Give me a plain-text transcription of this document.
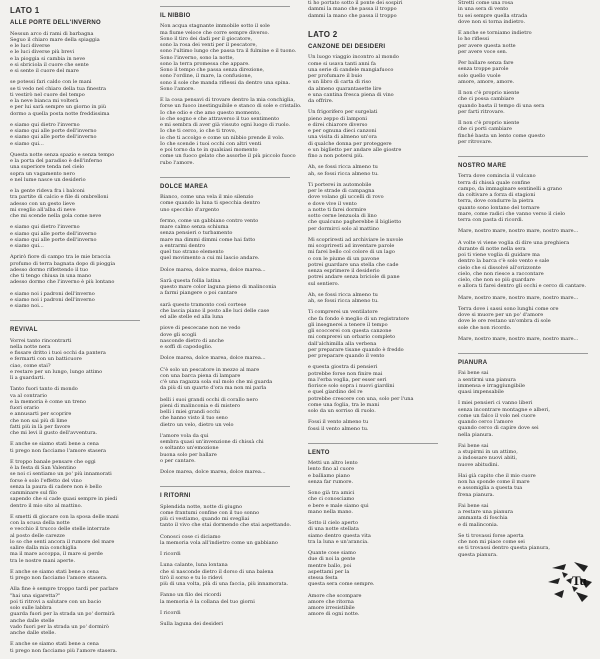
LATO 1
ALLE PORTE DELL'INVERNO

Nessun arco di rami di barbagna

Seguo il chiaro mare della spiaggia

e le luci diverse

e le luci diverse più brevi

e la pioggia si cambia in neve

e si sbriciola il cuore che sente

e si sente il cuore del mare

se potessi fari caldo con le mani

se ti vedo nel chiaro della tua finestra

ti vestirò nel cuore del tempo

e la neve bianca mi volterà

e per lui sarà sempre un giorno in più

dormo a quella posta notte freddissima

e siamo qui dietro l'inverno

e siamo qui alle porte dell'inverno

e siamo qui alle porte dell'inverno

e siamo qui...

Questa notte senza spazio e senza tempo

e la porta del paradiso è dell'inferno

una superiore tenda nel cielo

sopra un vagamento nero

e nel lume nasce un desiderio

e la gente rideva fra i balconi

tra partite di calcio e file di ombrelloni

adesso con un gesto lieve

mi sveglio all'alba di neve

che mi scende nella gola come neve

e siamo qui dietro l'inverno

e siamo qui alle porte dell'inverno

e siamo qui alle porte dell'inverno

e siamo qui...

Aprirò fiore di campo tra le mie braccia

profumo di terra bagnata dopo di pioggia

adesso dormo riflettendo il tuo

che ti tengo chiusa in una mano

adesso dormo che l'inverno è più lontano

e siamo noi i padroni dell'inverno

e siamo noi i padroni dell'inverno

e siamo noi...

REVIVAL

Vorrei tanto rincontrarti

nella notte nera

e fissare dritto i tuoi occhi da pantera

e fermarti con un batticuore

ciao, come stai?

e restare per un lungo, lungo attimo

lì a guardarti.

Tanto fuori tanto di mondo

va al contrario

e la memoria è come un treno

fuori orario

e annusarti per scoprire

che non sai più di lime

fatti più in là per favore

che mi levi il gusto dell'avventura.

E anche se siamo stati bene a cena

ti prego non facciamo l'amore stasera

E troppo banale pensare che oggi

è la festa di San Valentino

se noi ci sentiamo un po' più innamorati

forse è solo l'effetto del vino

senza la paura di cadere non è bello

camminare sul filo

sapendo che si cade quasi sempre in piedi

dentro il mio sito al mattino.

E smetti di giocare con la sposa delle mani

con la scusa della notte

e vecchio il trucco delle stelle interrate

al posto delle carezze

lo so che senti ancora il rumore del mare

salire dalla mia conchiglia

ma il mare accoppa, il mare si perde

tra le nostre mani aperte.

E anche se siamo stati bene a cena

ti prego non facciamo l'amore stasera.

Alla fine è sempre troppo tardi per parlare

"hai una sigaretta?"

poi ti ritrovi a salutare con un bacio

solo sulle labbra

guarda fuori per la strada un po' dormirà

anche dalle stelle

vado fuori per la strada un po' dormirò

anche dalle stelle.

E anche se siamo stati bene a cena

ti prego non facciamo più l'amore stasera.

IL NIBBIO

Non acqua stagnante immobile sotto il sole

ma fiume veloce che corre sempre diverso.

Sono il tiro dei dadi per il giocatore,

sono la rosa dei venti per il pescatore,

sono l'ultimo lungo che passa tra il fulmine e il tuono.

Sono l'inverno, sono la notte,

sono la terra promessa che appare.

Sono il tempo che passa senza direzione,

sono l'ordine, il mare, la confusione,

sono il sole che manda riflessi da dentro una spina.

Sono l'amore.

E la cosa pensavi di trovare dentro la mia conchiglia,

forse un fuoco inestinguibile e stanco di sole e cristallo.

Io che odio e che amo questo momento,

io che sogno e che attraverso il tuo sentimento

e mi sembra di aver già vissuto ogni luogo di ruolo.

Io che ti cerco, io che ti trovo,

io che ti accolgo e come un nibbio prende il volo.

Io che scende i tuoi occhi con altri venti

e poi torno da te in qualsiasi momento

come un fuoco gelato che assorbe il più piccolo fuoco

rubo l'amore.

DOLCE MAREA

Bianco, come una vela il mio silenzio

come quando la luna ti specchia dentro

uno specchio d'argento

fermo, come un gabbiano contro vento

mare calmo senza schiuma

senza pensieri o turbamento

mare ma dimmi dimmi come hai fatto

a entrarmi dentro

quel tuo strano elemento

quel movimento a cui mi lascio andare.

Dolce marea, dolce marea, dolce marea...

Sarà questa follia latina

questo mare color laguna pieno di malinconia

a farmi piangere o poi cantare

sarà questo tramonto così cortese

che lascia piano il posto alle luci delle case

ed alle stelle ed alla luna

piove di pescecane non ne vedo

dove gli scogli

nasconde dietro di anche

e soffi di capodoglio.

Dolce marea, dolce marea, dolce marea...

C'è solo un pescatore in mezzo al mare

con una barca piena di lampare

c'è una ragazza sola sul molo che mi guarda

da più di un quarto d'ora ma non mi parla

belli i suoi grandi occhi di corallo nero

pieni di malinconia e di mistero

belli i miei grandi occhi

che hanno visto il tuo seno

dietro un velo, dietro un velo

l'amore vola da qui

sembra quasi un'invenzione di chissà chi

o soltanto un'emozione

buona solo per ballare

o per cantare.

Dolce marea, dolce marea, dolce marea...

I RITORNI

Splendida notte, notte di giugno

come frantumi confine con il tuo sonno

più ci vestiamo, quando mi svegliai

tanto il vivo che stai dormendo che stai aspettando.

Conosci cose ci diciamo

la memoria vola all'indietro come un gabbiano

I ricordi

Luna calante, luna lontana

che si nasconde dietro il dorso di una balena

tirò il sorso e tu lo ridevi

più di una volta, più di una faccia, più innamorata.

Fanno un filo dei ricordi

la memoria è la collana del tuo giorni

I ricordi

Sulla laguna dei desideri

ti ho portato sotto il ponte dei sospiri

dammi la mano che passa il troppo

dammi la mano che passa il troppo

LATO 2
CANZONE DEI DESIDERI

Un luogo viaggio incontro al mondo

come si usava tanti anni fa

una serie di candele mangiafuoco

per profumare il buio

e un libro di carta di riso

da almeno quarantasette lire

e una cantina fresca piena di vino

da offrire.

Un frigorifero per surgelati

pieno zeppo di lamponi

e direi chiarore diverso

e per ognuna dieci canzoni

una visita di almeno un'ora

di qualche donna per proteggere

e un biglietto per andare alle giostre

fino a non potersi più.

Ah, se fossi ricca almeno tu

ah, se fossi ricca almeno tu.

Ti porterei in automobile

per le strade di campagna

dove volano gli uccelli di rovo

e dove vive il vento

a notte ti farei dormire

sotto cerne lenzuola di lino

che qualcuno pagherebbe il biglietto

per dormirci solo al mattino

Mi scopriresti ad archiviare le nuvole

mi scopriresti ad inventare parole

mi farei bello col colore di un lago

o con le piume di un pavone

potrei guardare una stella che cade

senza esprimere il desiderio

potrei andare senza briciole di pane

sul sentiero.

Ah, se fossi ricca almeno tu

ah, se fossi ricca almeno tu.

Ti comprerei un ventilatore

che fa fondo è meglio di un registratore

gli insegnerei a tenere il tempo

gli scoccerei con questa canzone

mi comprerei un orbario completo

dall'alchimilla alla verbena

per preparare tisane quando è freddo

per preparare quando il vento

e questa giostra di pensieri

potrebbe forse non finire mai

ma l'erba voglia, per esser seri

fiorisce solo sopra i nuovi giardini

e quel giardino del re

potrebbe crescere con una, solo per l'una

come una foglia, tra le mani

solo da un sorriso di ruolo.

Fossi il vento almeno tu

fossi il vento almeno tu.

LENTO

Metti un altro lento

lento fino al cuore

e balliamo piano

senza far rumore.

Sono già tra amici

che ci conosciamo

e bere e male siamo qui

mano nella mano.

Sotto il cielo aperto

di una notte stellata

siamo dentro questa vita

tra la luna e un'arancia.

Quante cose siamo

due di noi la gente

mentre ballo, poi

aspettami per la

stessa festa

questa sera come sempre.

Amore che scompare

amore che ritorna

amore irresistibile

amore di ogni notte.

Stretti come una rosa

in una sera di vento

tu sei sempre quella strada

dove non si torna indietro.

E anche se torniamo indietro

lo ho riflessi

per avere questa notte

per avere voce sen.

Per ballare senza fare

senza troppe parole

solo quello vuole

amore, amore, amore.

Il non c'è proprio niente

che ci possa cambiare

quando basta il tempo di una sera

per farti ritrovare.

Il non c'è proprio niente

che ci porti cambiare

finché basta un lento come questo

per ritrovare.

NOSTRO MARE

Terra dove comincia il vulcano

terra di chissà quale confine

campo, da immaginare sentinelli a grano

da coltivare a forza di stagioni

terra, dove condurre la pietra

quanto sono lontano del tornare

mare, come radici che vanno verso il cielo

terra con pasta di ricordi.

Mare, nostro mare, nostro mare, nostro mare...

A volte vi viene voglia di dire una preghiera

durante di notte nella sera

poi ti viene voglia di guidare ma

dentro la barca c'è solo vento e sale

cielo che si dissolvé all'orizzonte

cielo, che non riesce a raccontare

cielo, che non so più guardare

e allora ti farei dentro gli occhi e cerco di cantare.

Mare, nostro mare, nostro mare, nostro mare...

Terra dove i sassi sono lunghi come ore

dove si muore per un po' d'amore

dove le ore restano un'ombra di sole

sole che non ricordo.

Mare, nostro mare, nostro mare, nostro mare...

PIANURA

Fai bene sai

a sentirmi una pianura

immensa e irraggiungibile

quasi impensabile

I miei pensieri ci vanno liberi

senza incontrare montagne e alberi,

come un falco il volo nel cuore

quando cerco l'amore

quando cerco di capire dove sei

nella pianura.

Fai bene sai

a stupirmi in un attimo,

a indossare nuovi abiti,

nuove abitudini.

Hai già capito che il mio cuore

non ha sponde come il mare

e assomiglia a questa tua

frena pianura.

Fai bene sai

a restare una pianura

ammanta di foschia

e di malinconia.

Se ti trovassi forse aperta

che non mi piace come sei

se ti trovassi dentro questa pianura,

questa pianura.

Tu
